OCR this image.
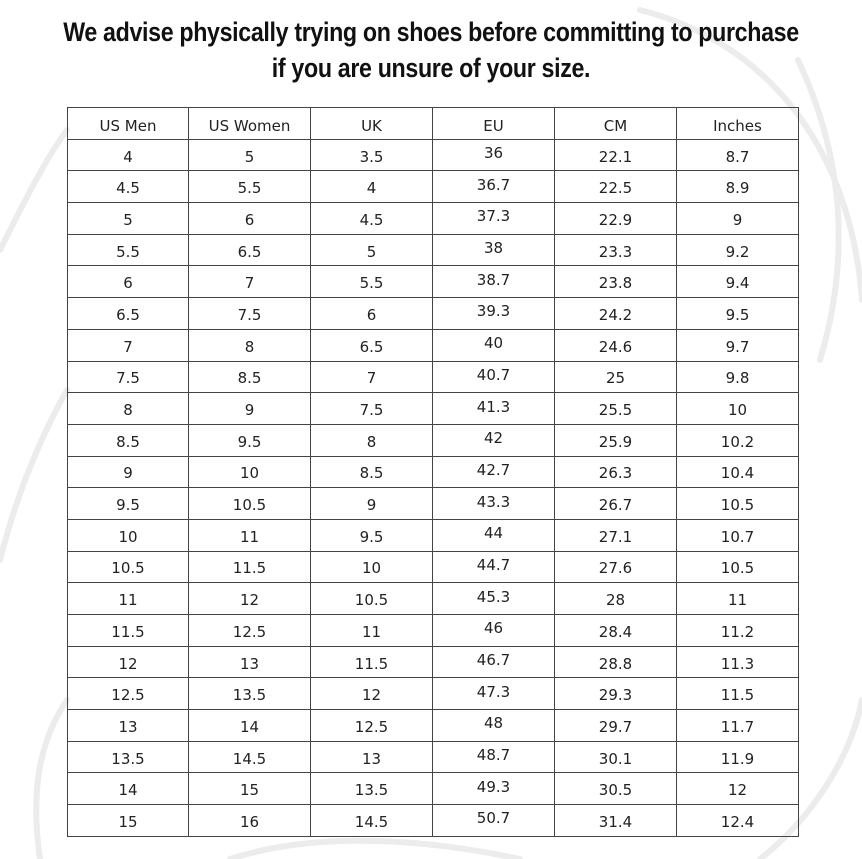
We advise physically trying on shoes before committing to purchase
if you are unsure of your size.
US Men	US Women	UK	EU	CM	Inches
4	5	3.5	36	22.1	8.7
4.5	5.5	4	36.7	22.5	8.9
5	6	4.5	37.3	22.9	9
5.5	6.5	5	38	23.3	9.2
6	7	5.5	38.7	23.8	9.4
6.5	7.5	6	39.3	24.2	9.5
7	8	6.5	40	24.6	9.7
7.5	8.5	7	40.7	25	9.8
8	9	7.5	41.3	25.5	10
8.5	9.5	8	42	25.9	10.2
9	10	8.5	42.7	26.3	10.4
9.5	10.5	9	43.3	26.7	10.5
10	11	9.5	44	27.1	10.7
10.5	11.5	10	44.7	27.6	10.5
11	12	10.5	45.3	28	11
11.5	12.5	11	46	28.4	11.2
12	13	11.5	46.7	28.8	11.3
12.5	13.5	12	47.3	29.3	11.5
13	14	12.5	48	29.7	11.7
13.5	14.5	13	48.7	30.1	11.9
14	15	13.5	49.3	30.5	12
15	16	14.5	50.7	31.4	12.4
